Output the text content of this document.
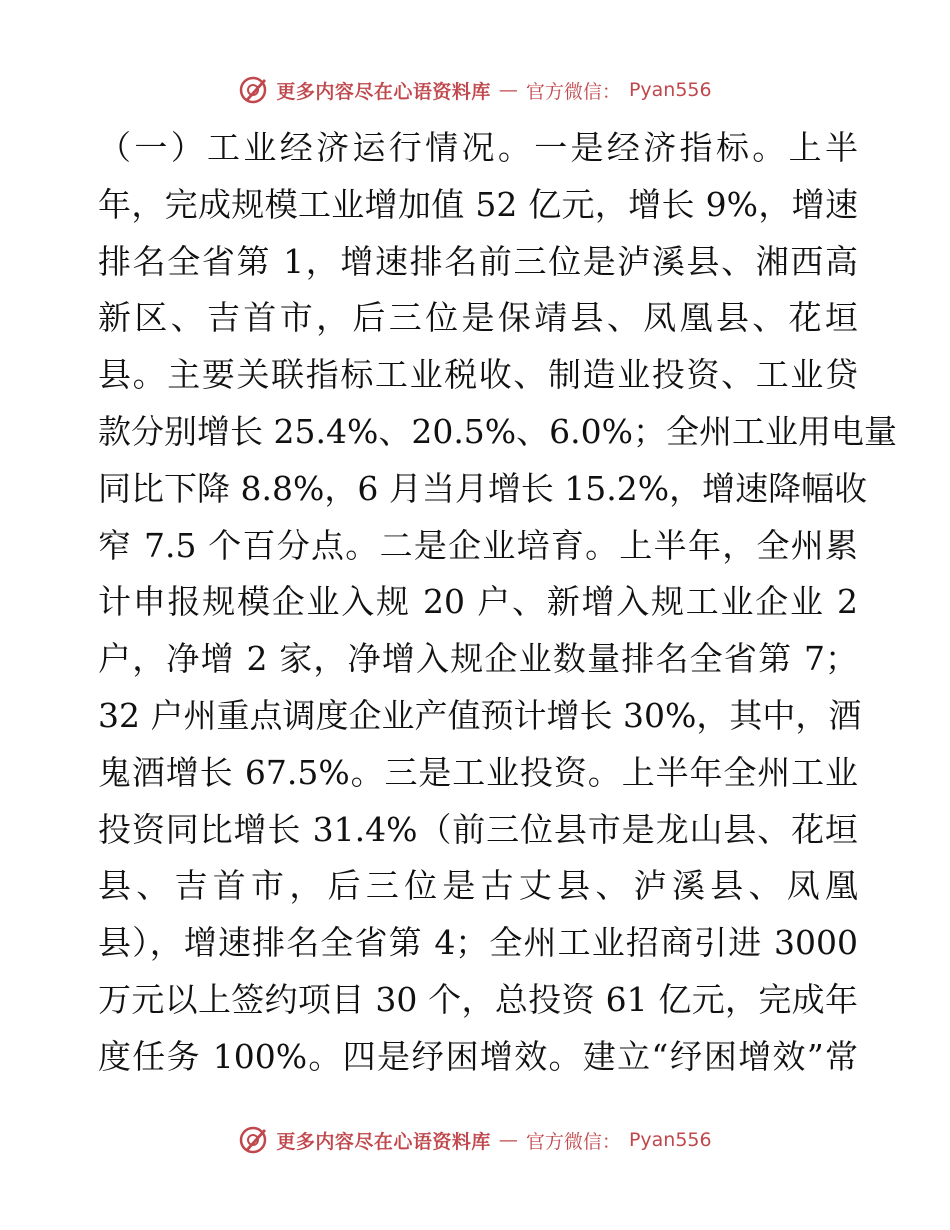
更多内容尽在心语资料库 — 官方微信： Pyan556
（一）工业经济运行情况。一是经济指标。上半
年，完成规模工业增加值 52 亿元，增长 9%，增速
排名全省第 1，增速排名前三位是泸溪县、湘西高
新区、吉首市，后三位是保靖县、凤凰县、花垣
县。主要关联指标工业税收、制造业投资、工业贷
款分别增长 25.4%、20.5%、6.0%；全州工业用电量
同比下降 8.8%，6 月当月增长 15.2%，增速降幅收
窄 7.5 个百分点。二是企业培育。上半年，全州累
计申报规模企业入规 20 户、新增入规工业企业 2
户，净增 2 家，净增入规企业数量排名全省第 7；
32 户州重点调度企业产值预计增长 30%，其中，酒
鬼酒增长 67.5%。三是工业投资。上半年全州工业
投资同比增长 31.4%（前三位县市是龙山县、花垣
县、吉首市，后三位是古丈县、泸溪县、凤凰
县），增速排名全省第 4；全州工业招商引进 3000
万元以上签约项目 30 个，总投资 61 亿元，完成年
度任务 100%。四是纾困增效。建立“纾困增效”常
更多内容尽在心语资料库 — 官方微信： Pyan556
